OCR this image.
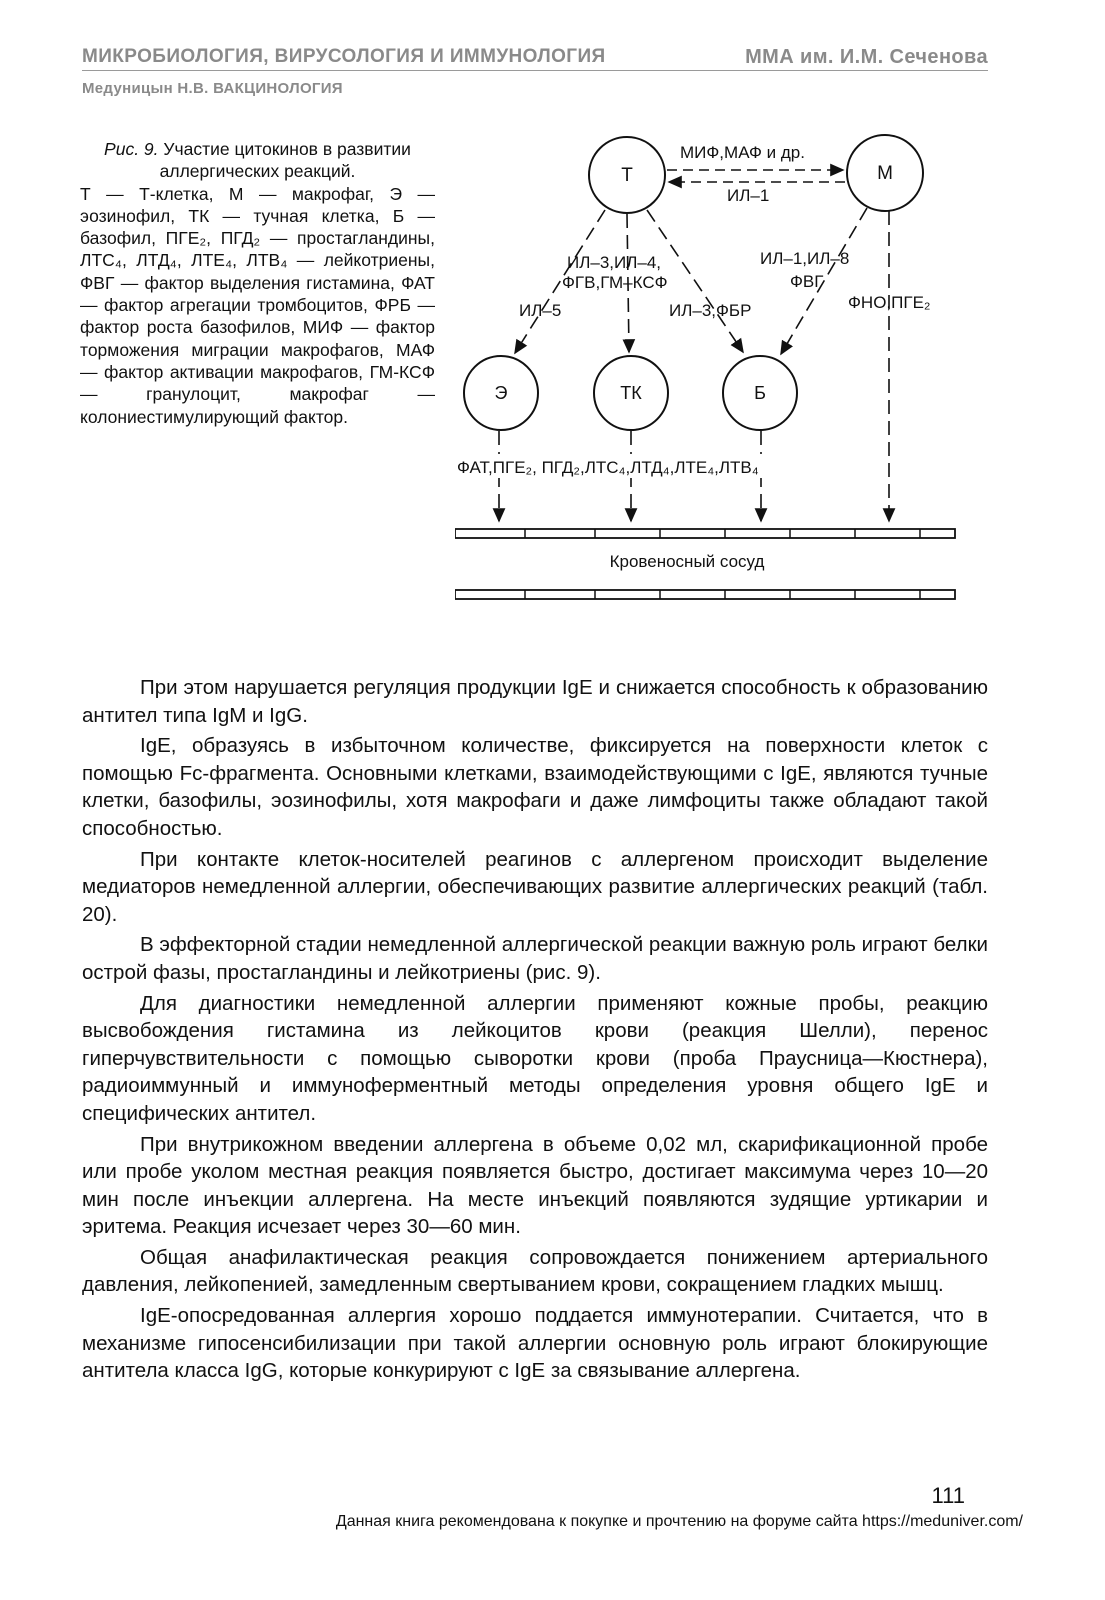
МИКРОБИОЛОГИЯ, ВИРУСОЛОГИЯ И ИММУНОЛОГИЯ	ММА им. И.М. Сеченова
Медуницын Н.В. ВАКЦИНОЛОГИЯ
Рис. 9. Участие цитокинов в развитии аллергических реакций.
Т — Т-клетка, М — макрофаг, Э — эозинофил, ТК — тучная клетка, Б — базофил, ПГЕ₂, ПГД₂ — простагландины, ЛТС₄, ЛТД₄, ЛТЕ₄, ЛТВ₄ — лейкотриены, ФВГ — фактор выделения гистамина, ФАТ — фактор агрегации тромбоцитов, ФРБ — фактор роста базофилов, МИФ — фактор торможения миграции макрофагов, МАФ — фактор активации макрофагов, ГМ-КСФ — гранулоцит, макрофаг — колониестимулирующий фактор.
Т	М
МИФ,МАФ и др.
ИЛ–1
Э	ТК	Б
ИЛ–3,ИЛ–4,
ФГВ,ГМ–КСФ
ИЛ–5	ИЛ–3,ФБР
ИЛ–1,ИЛ–8
ФВГ
ФНО,ПГЕ₂
ФАТ,ПГЕ₂, ПГД₂,ЛТС₄,ЛТД₄,ЛТЕ₄,ЛТВ₄
Кровеносный сосуд

При этом нарушается регуляция продукции IgE и снижается способность к образованию антител типа IgM и IgG.

IgE, образуясь в избыточном количестве, фиксируется на поверхности клеток с помощью Fc-фрагмента. Основными клетками, взаимодействующими с IgE, являются тучные клетки, базофилы, эозинофилы, хотя макрофаги и даже лимфоциты также обладают такой способностью.

При контакте клеток-носителей реагинов с аллергеном происходит выделение медиаторов немедленной аллергии, обеспечивающих развитие аллергических реакций (табл. 20).

В эффекторной стадии немедленной аллергической реакции важную роль играют белки острой фазы, простагландины и лейкотриены (рис. 9).

Для диагностики немедленной аллергии применяют кожные пробы, реакцию высвобождения гистамина из лейкоцитов крови (реакция Шелли), перенос гиперчувствительности с помощью сыворотки крови (проба Праусница—Кюстнера), радиоиммунный и иммуноферментный методы определения уровня общего IgE и специфических антител.

При внутрикожном введении аллергена в объеме 0,02 мл, скарификационной пробе или пробе уколом местная реакция появляется быстро, достигает максимума через 10—20 мин после инъекции аллергена. На месте инъекций появляются зудящие уртикарии и эритема. Реакция исчезает через 30—60 мин.

Общая анафилактическая реакция сопровождается понижением артериального давления, лейкопенией, замедленным свертыванием крови, сокращением гладких мышц.

IgE-опосредованная аллергия хорошо поддается иммунотерапии. Считается, что в механизме гипосенсибилизации при такой аллергии основную роль играют блокирующие антитела класса IgG, которые конкурируют с IgE за связывание аллергена.

111
Данная книга рекомендована к покупке и прочтению на форуме сайта https://meduniver.com/
